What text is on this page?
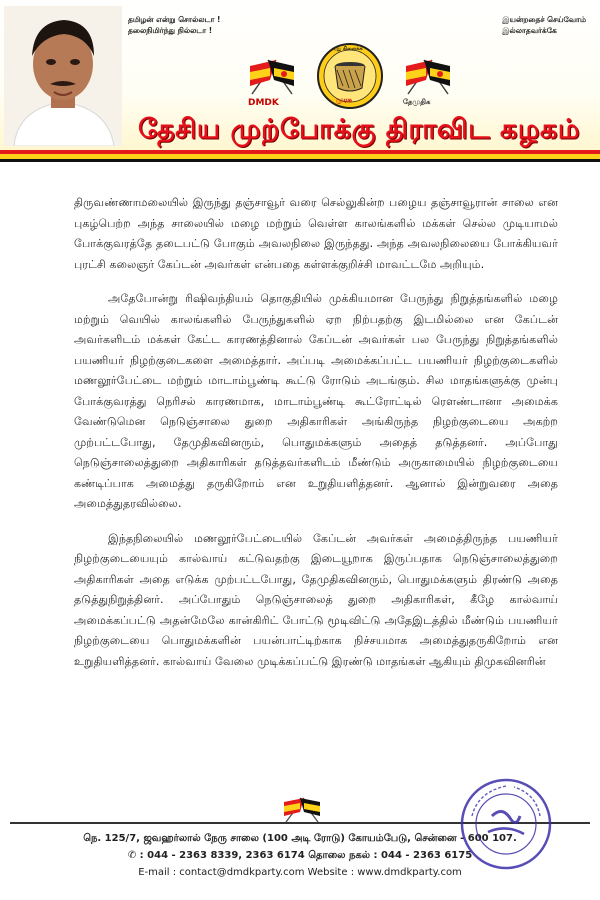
தமிழன் என்று சொல்லடா !
தலைநிமிர்ந்து நில்லடா !
இயன்றதைச் செய்வோம்
இல்லாதவர்க்கே
DMDK
வது கிளைக்க
முரசு	தேமுதிக
தேசிய முற்போக்கு திராவிட கழகம்

திருவண்ணாமலையில் இருந்து தஞ்சாவூர் வரை செல்லுகின்ற பழைய தஞ்சாவூரான் சாலை என புகழ்பெற்ற அந்த சாலையில் மழை மற்றும் வெள்ள காலங்களில் மக்கள் செல்ல முடியாமல் போக்குவரத்தே தடைபட்டு போகும் அவலநிலை இருந்தது. அந்த அவலநிலையை போக்கியவர் புரட்சி கலைஞர் கேப்டன் அவர்கள் என்பதை கள்ளக்குறிச்சி மாவட்டமே அறியும்.

அதேபோன்று ரிஷிவந்தியம் தொகுதியில் முக்கியமான பேருந்து நிறுத்தங்களில் மழை மற்றும் வெயில் காலங்களில் பேருந்துகளில் ஏற நிற்பதற்கு இடமில்லை என கேப்டன் அவர்களிடம் மக்கள் கேட்ட காரணத்தினால் கேப்டன் அவர்கள் பல பேருந்து நிறுத்தங்களில் பயணியர் நிழற்குடைகளை அமைத்தார். அப்படி அமைக்கப்பட்ட பயணியர் நிழற்குடைகளில் மணலூர்பேட்டை மற்றும் மாடாம்பூண்டி கூட்டு ரோடும் அடங்கும். சில மாதங்களுக்கு முன்பு போக்குவரத்து நெரிசல் காரணமாக, மாடாம்பூண்டி கூட்ரோட்டில் ரௌண்டானா அமைக்க வேண்டுமென நெடுஞ்சாலை துறை அதிகாரிகள் அங்கிருந்த நிழற்குடையை அகற்ற முற்பட்டபோது, தேமுதிகவினரும், பொதுமக்களும் அதைத் தடுத்தனர். அப்போது நெடுஞ்சாலைத்துறை அதிகாரிகள் தடுத்தவர்களிடம் மீண்டும் அருகாமையில் நிழற்குடையை கண்டிப்பாக அமைத்து தருகிறோம் என உறுதியளித்தனர். ஆனால் இன்றுவரை அதை அமைத்துதரவில்லை.

இந்தநிலையில் மணலூர்பேட்டையில் கேப்டன் அவர்கள் அமைத்திருந்த பயணியர் நிழற்குடையையும் கால்வாய் கட்டுவதற்கு இடையூறாக இருப்பதாக நெடுஞ்சாலைத்துறை அதிகாரிகள் அதை எடுக்க முற்பட்டபோது, தேமுதிகவினரும், பொதுமக்களும் திரண்டு அதை தடுத்துநிறுத்தினர். அப்போதும் நெடுஞ்சாலைத் துறை அதிகாரிகள், கீழே கால்வாய் அமைக்கப்பட்டு அதன்மேலே கான்கிரிட் போட்டு மூடிவிட்டு அதேஇடத்தில் மீண்டும் பயணியர் நிழற்குடையை பொதுமக்களின் பயன்பாட்டிற்காக நிச்சயமாக அமைத்துதருகிறோம் என உறுதியளித்தனர். கால்வாய் வேலை முடிக்கப்பட்டு இரண்டு மாதங்கள் ஆகியும் திமுகவினரின்

நெ. 125/7, ஜவஹர்லால் நேரு சாலை (100 அடி ரோடு) கோயம்பேடு, சென்னை - 600 107.
✆ : 044 - 2363 8339, 2363 6174 தொலை நகல் : 044 - 2363 6175
E-mail : contact@dmdkparty.com Website : www.dmdkparty.com
